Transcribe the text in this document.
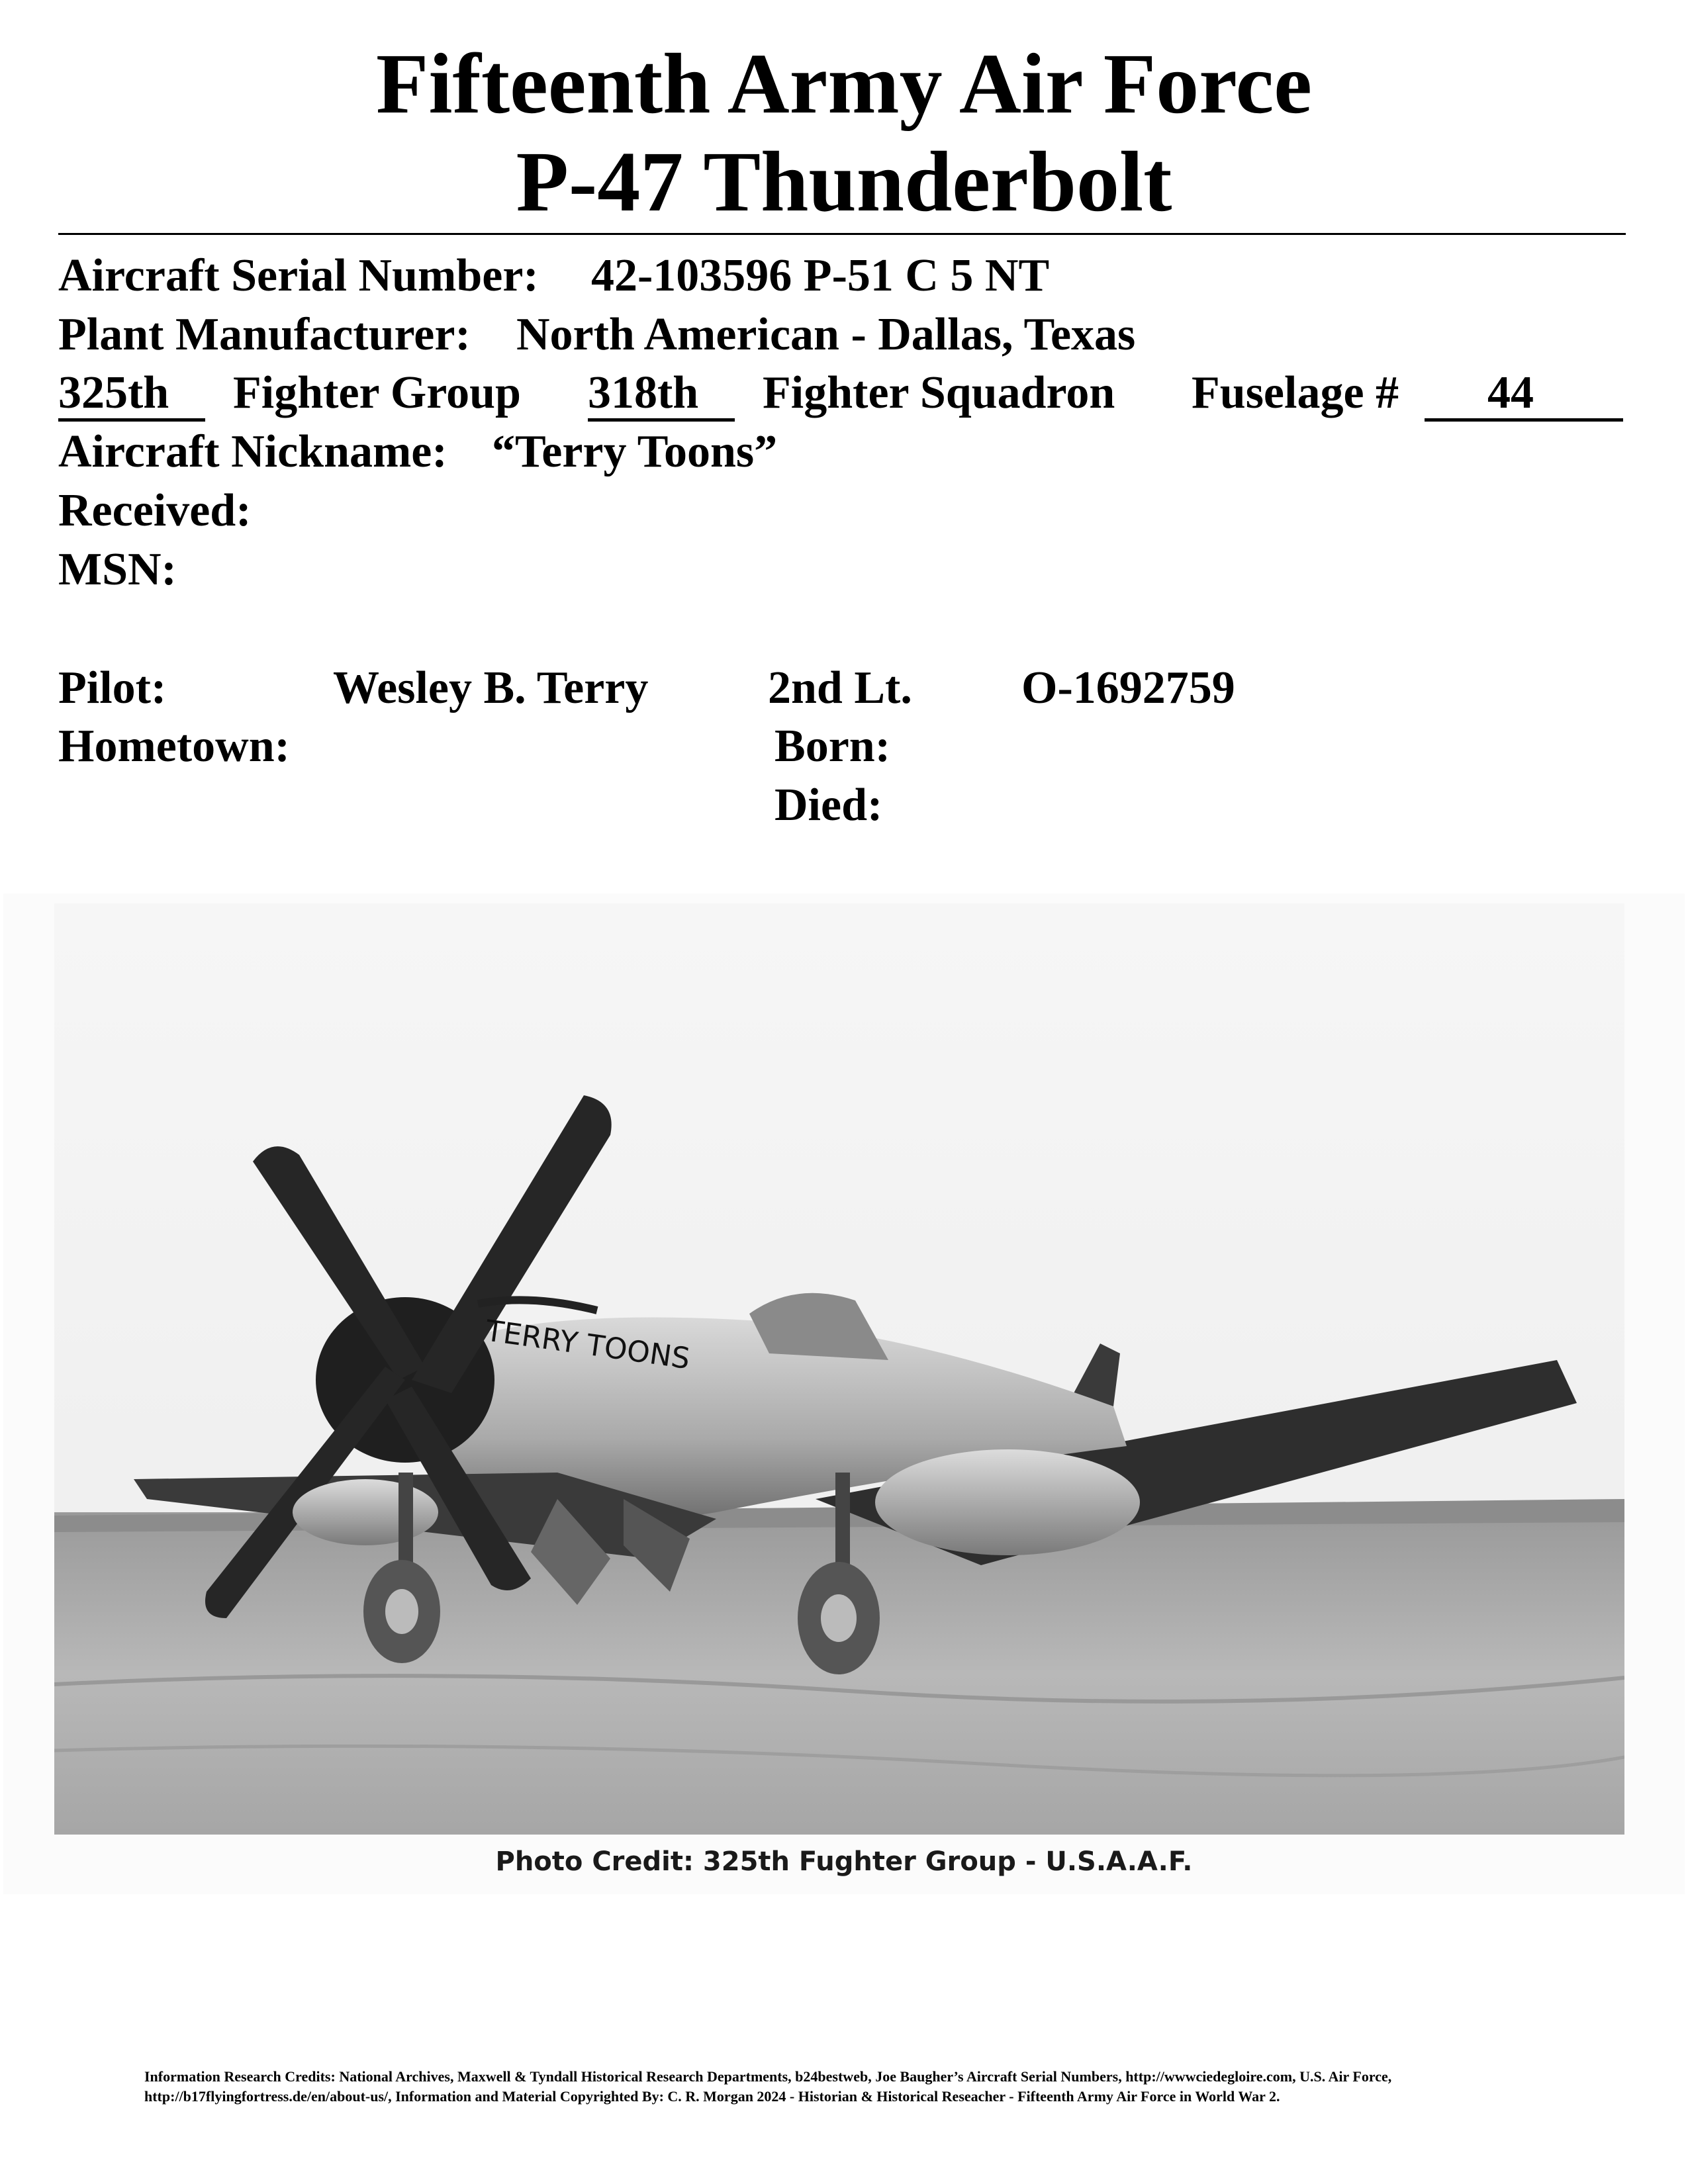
Fifteenth Army Air Force
P-47 Thunderbolt
Aircraft Serial Number: 42-103596 P-51 C 5 NT
Plant Manufacturer: North American - Dallas, Texas
325th	Fighter Group 318th	Fighter Squadron Fuselage #	44
Aircraft Nickname: “Terry Toons”
Received:
MSN:
Pilot:	Wesley B. Terry	2nd Lt. O-1692759
Hometown:	Born:
Died:
TERRY TOONS
Photo Credit: 325th Fughter Group - U.S.A.A.F.
Information Research Credits: National Archives, Maxwell & Tyndall Historical Research Departments, b24bestweb, Joe Baugher’s Aircraft Serial Numbers, http://wwwciedegloire.com, U.S. Air Force,
http://b17flyingfortress.de/en/about-us/, Information and Material Copyrighted By: C. R. Morgan 2024 - Historian & Historical Reseacher - Fifteenth Army Air Force in World War 2.
